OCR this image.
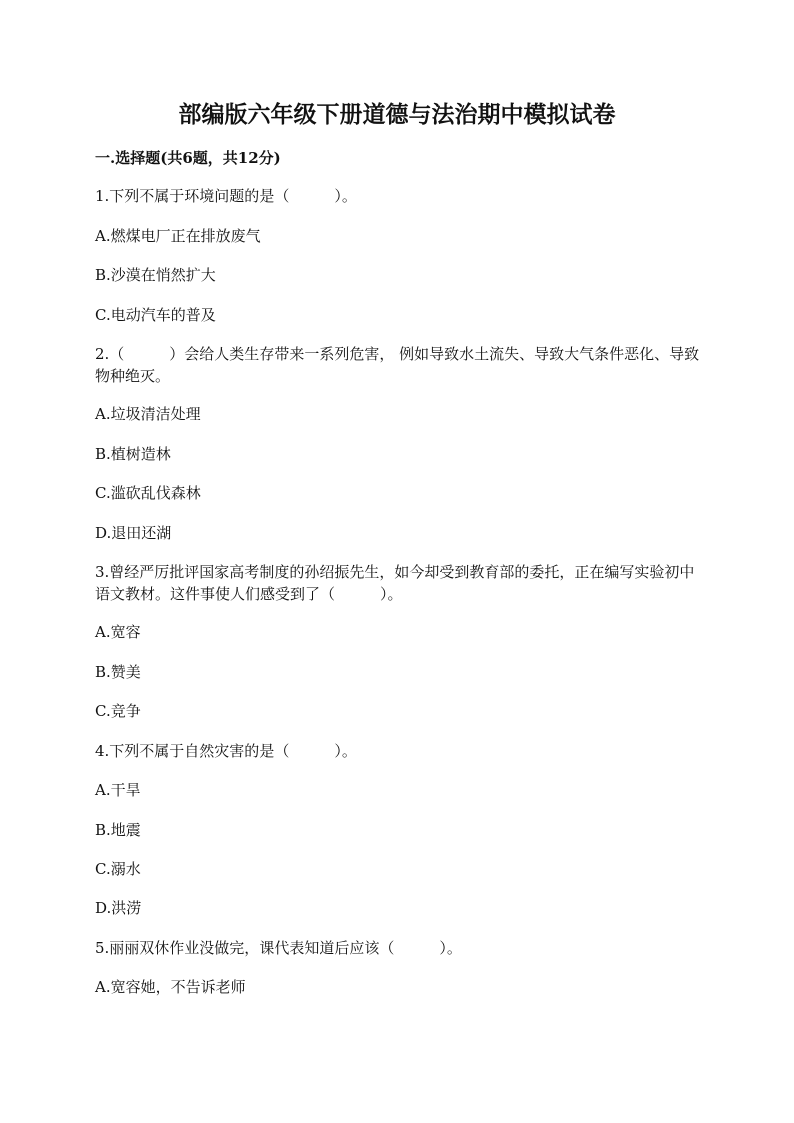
部编版六年级下册道德与法治期中模拟试卷
一.选择题(共6题，共12分)
1.下列不属于环境问题的是（　　　）。
A.燃煤电厂正在排放废气
B.沙漠在悄然扩大
C.电动汽车的普及
2.（　　　）会给人类生存带来一系列危害， 例如导致水土流失、导致大气条件恶化、导致物种绝灭。
A.垃圾清洁处理
B.植树造林
C.滥砍乱伐森林
D.退田还湖
3.曾经严厉批评国家高考制度的孙绍振先生，如今却受到教育部的委托，正在编写实验初中语文教材。这件事使人们感受到了（　　　）。
A.宽容
B.赞美
C.竞争
4.下列不属于自然灾害的是（　　　）。
A.干旱
B.地震
C.溺水
D.洪涝
5.丽丽双休作业没做完，课代表知道后应该（　　　）。
A.宽容她，不告诉老师
